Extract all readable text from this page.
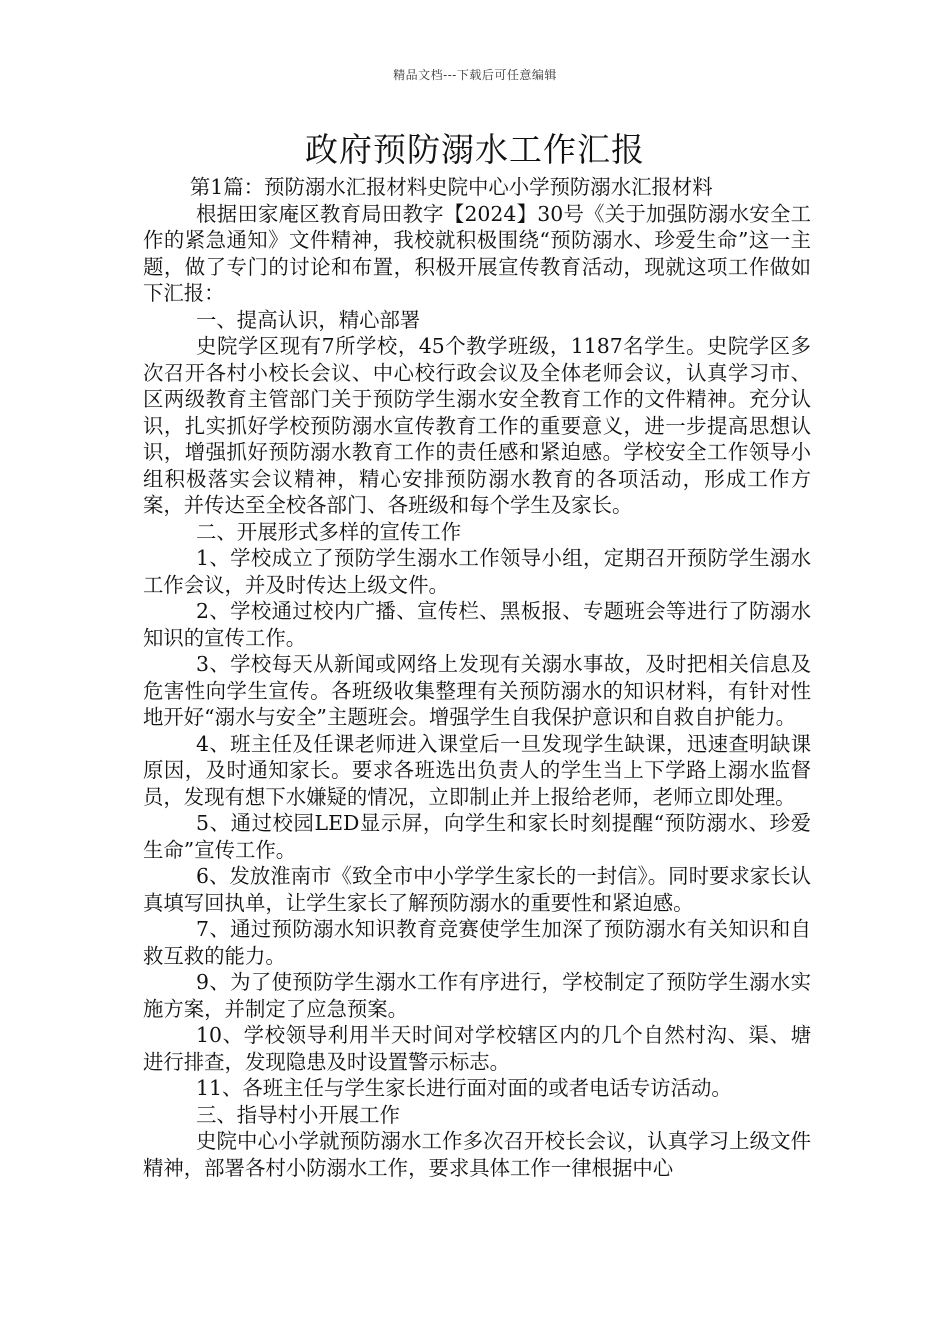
精品文档---下载后可任意编辑
政府预防溺水工作汇报

第1篇：预防溺水汇报材料史院中心小学预防溺水汇报材料

根据田家庵区教育局田教字【2024】30号《关于加强防溺水安全工作的紧急通知》文件精神，我校就积极围绕“预防溺水、珍爱生命”这一主题，做了专门的讨论和布置，积极开展宣传教育活动，现就这项工作做如下汇报：

一、提高认识，精心部署

史院学区现有7所学校，45个教学班级，1187名学生。史院学区多次召开各村小校长会议、中心校行政会议及全体老师会议，认真学习市、区两级教育主管部门关于预防学生溺水安全教育工作的文件精神。充分认识，扎实抓好学校预防溺水宣传教育工作的重要意义，进一步提高思想认识，增强抓好预防溺水教育工作的责任感和紧迫感。学校安全工作领导小组积极落实会议精神，精心安排预防溺水教育的各项活动，形成工作方案，并传达至全校各部门、各班级和每个学生及家长。

二、开展形式多样的宣传工作

1、学校成立了预防学生溺水工作领导小组，定期召开预防学生溺水工作会议，并及时传达上级文件。

2、学校通过校内广播、宣传栏、黑板报、专题班会等进行了防溺水知识的宣传工作。

3、学校每天从新闻或网络上发现有关溺水事故，及时把相关信息及危害性向学生宣传。各班级收集整理有关预防溺水的知识材料，有针对性地开好“溺水与安全”主题班会。增强学生自我保护意识和自救自护能力。

4、班主任及任课老师进入课堂后一旦发现学生缺课，迅速查明缺课原因，及时通知家长。要求各班选出负责人的学生当上下学路上溺水监督员，发现有想下水嫌疑的情况，立即制止并上报给老师，老师立即处理。

5、通过校园LED显示屏，向学生和家长时刻提醒“预防溺水、珍爱生命”宣传工作。

6、发放淮南市《致全市中小学学生家长的一封信》。同时要求家长认真填写回执单，让学生家长了解预防溺水的重要性和紧迫感。

7、通过预防溺水知识教育竞赛使学生加深了预防溺水有关知识和自救互救的能力。

9、为了使预防学生溺水工作有序进行，学校制定了预防学生溺水实施方案，并制定了应急预案。

10、学校领导利用半天时间对学校辖区内的几个自然村沟、渠、塘进行排查，发现隐患及时设置警示标志。

11、各班主任与学生家长进行面对面的或者电话专访活动。

三、指导村小开展工作

史院中心小学就预防溺水工作多次召开校长会议，认真学习上级文件精神，部署各村小防溺水工作，要求具体工作一律根据中心
